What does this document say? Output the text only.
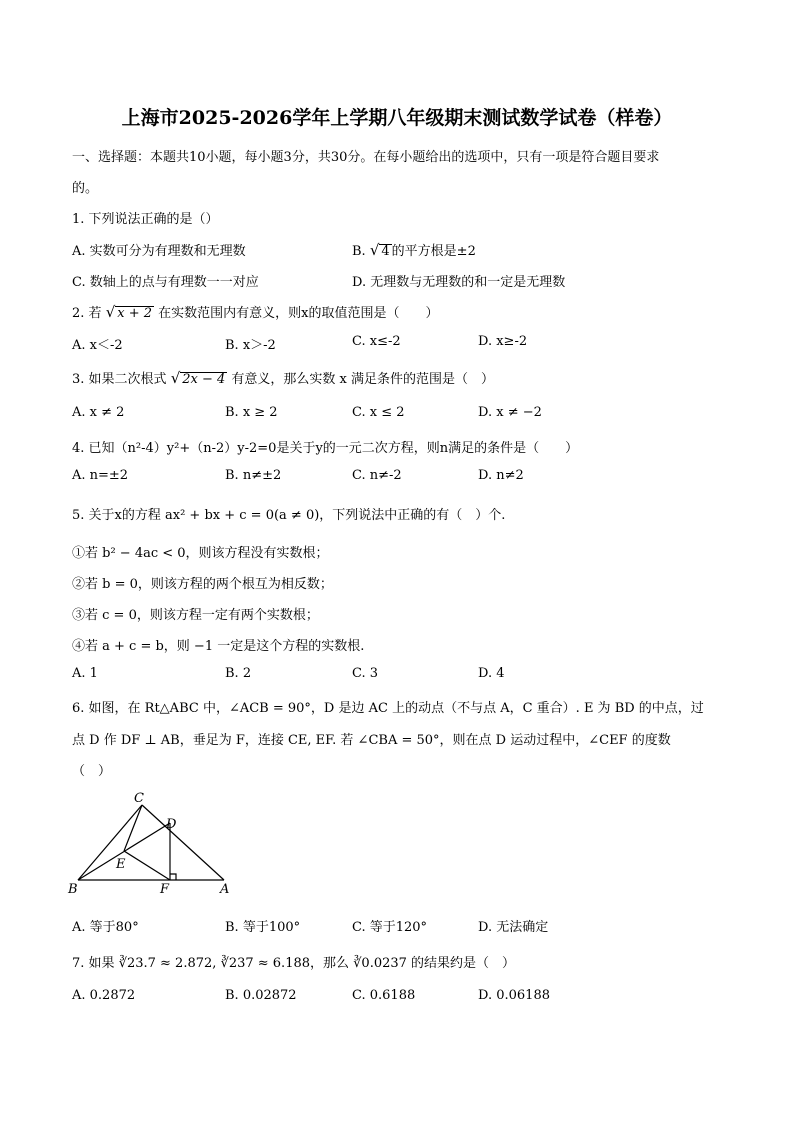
上海市2025-2026学年上学期八年级期末测试数学试卷（样卷）
一、选择题：本题共10小题，每小题3分，共30分。在每小题给出的选项中，只有一项是符合题目要求
的。
1. 下列说法正确的是（）
A. 实数可分为有理数和无理数	B. √ 4 的平方根是±2
C. 数轴上的点与有理数一一对应	D. 无理数与无理数的和一定是无理数
2. 若 √ x + 2 在实数范围内有意义，则x的取值范围是（　　）
A. x＜-2	B. x＞-2	C. x≤-2	D. x≥-2
3. 如果二次根式 √ 2x − 4 有意义，那么实数 x 满足条件的范围是（　）
A. x ≠ 2	B. x ≥ 2	C. x ≤ 2	D. x ≠ −2
4. 已知（n²-4）y²+（n-2）y-2=0是关于y的一元二次方程，则n满足的条件是（　　）
A. n=±2	B. n≠±2	C. n≠-2	D. n≠2
5. 关于x的方程 ax² + bx + c = 0(a ≠ 0)，下列说法中正确的有（　）个.
①若 b² − 4ac < 0，则该方程没有实数根；
②若 b = 0，则该方程的两个根互为相反数；
③若 c = 0，则该方程一定有两个实数根；
④若 a + c = b，则 −1 一定是这个方程的实数根.
A. 1	B. 2	C. 3	D. 4
6. 如图，在 Rt△ABC 中，∠ACB = 90°，D 是边 AC 上的动点（不与点 A，C 重合）. E 为 BD 的中点，过
点 D 作 DF ⊥ AB，垂足为 F，连接 CE, EF. 若 ∠CBA = 50°，则在点 D 运动过程中，∠CEF 的度数
（　）
C
D
E
B	F	A
A. 等于80°	B. 等于100°	C. 等于120°	D. 无法确定
7. 如果 ∛23.7 ≈ 2.872, ∛237 ≈ 6.188，那么 ∛0.0237 的结果约是（　）
A. 0.2872	B. 0.02872	C. 0.6188	D. 0.06188
